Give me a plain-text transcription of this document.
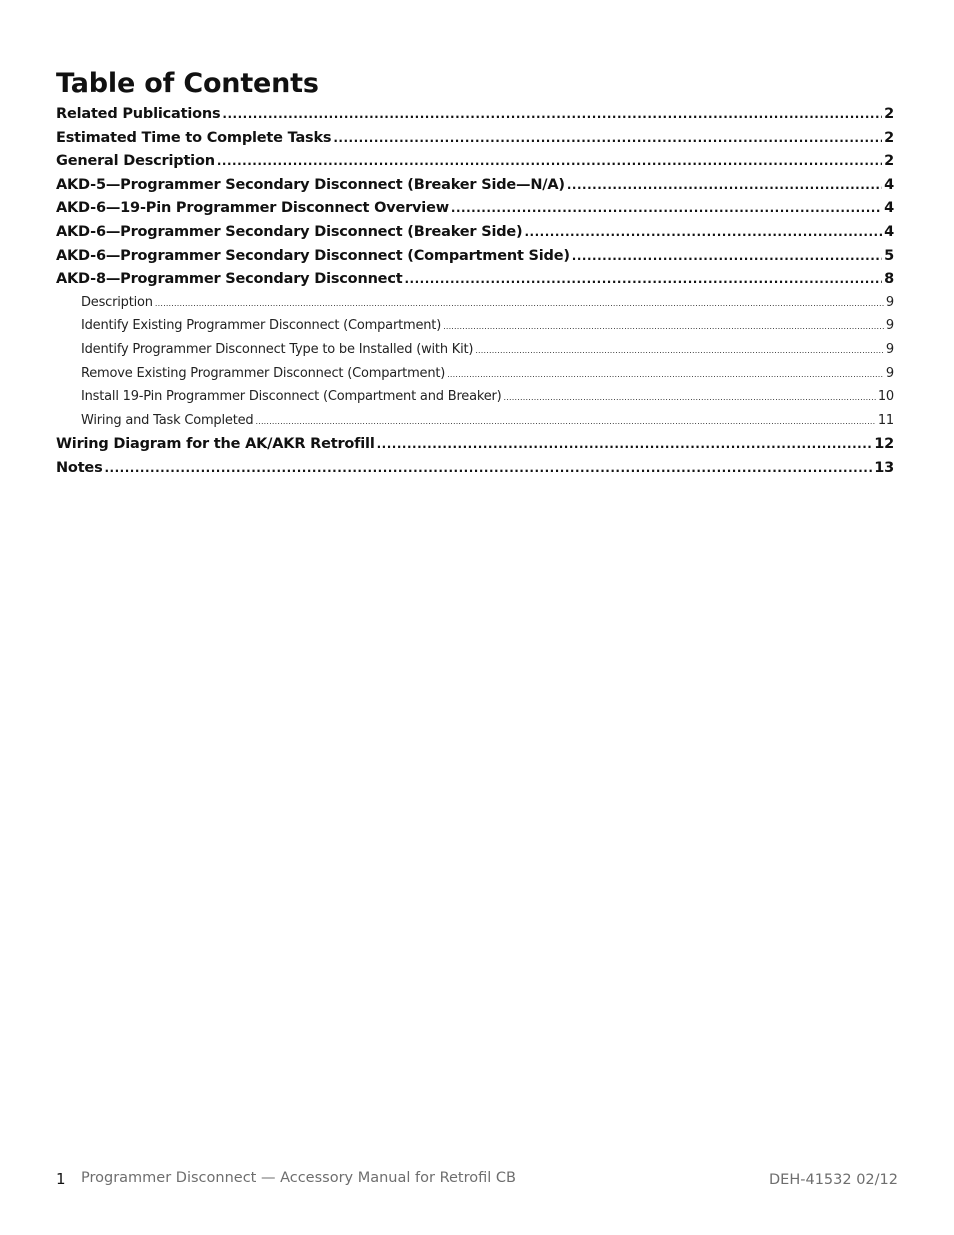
Table of Contents
Related Publications .....	2
Estimated Time to Complete Tasks .....	2
General Description .....	2
AKD-5—Programmer Secondary Disconnect (Breaker Side—N/A) .....	4
AKD-6—19-Pin Programmer Disconnect Overview .....	4
AKD-6—Programmer Secondary Disconnect (Breaker Side) .....	4
AKD-6—Programmer Secondary Disconnect (Compartment Side) .....	5
AKD-8—Programmer Secondary Disconnect .....	8
Description .....	9
Identify Existing Programmer Disconnect (Compartment) .....	9
Identify Programmer Disconnect Type to be Installed (with Kit) .....	9
Remove Existing Programmer Disconnect (Compartment) .....	9
Install 19-Pin Programmer Disconnect (Compartment and Breaker) .....	10
Wiring and Task Completed .....	11
Wiring Diagram for the AK/AKR Retrofill .....	12
Notes .....	13
1 Programmer Disconnect — Accessory Manual for Retrofil CB	DEH-41532 02/12
